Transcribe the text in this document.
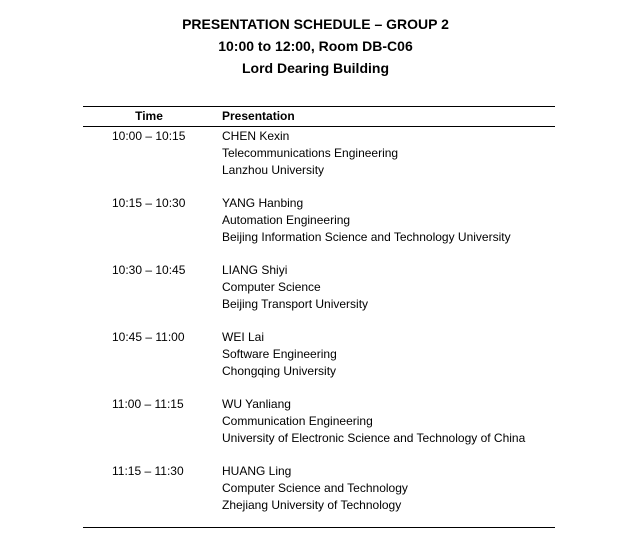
PRESENTATION SCHEDULE – GROUP 2
10:00 to 12:00, Room DB-C06
Lord Dearing Building
Time	Presentation
10:00 – 10:15	CHEN Kexin
Telecommunications Engineering
Lanzhou University
10:15 – 10:30	YANG Hanbing
Automation Engineering
Beijing Information Science and Technology University
10:30 – 10:45	LIANG Shiyi
Computer Science
Beijing Transport University
10:45 – 11:00	WEI Lai
Software Engineering
Chongqing University
11:00 – 11:15	WU Yanliang
Communication Engineering
University of Electronic Science and Technology of China
11:15 – 11:30	HUANG Ling
Computer Science and Technology
Zhejiang University of Technology
